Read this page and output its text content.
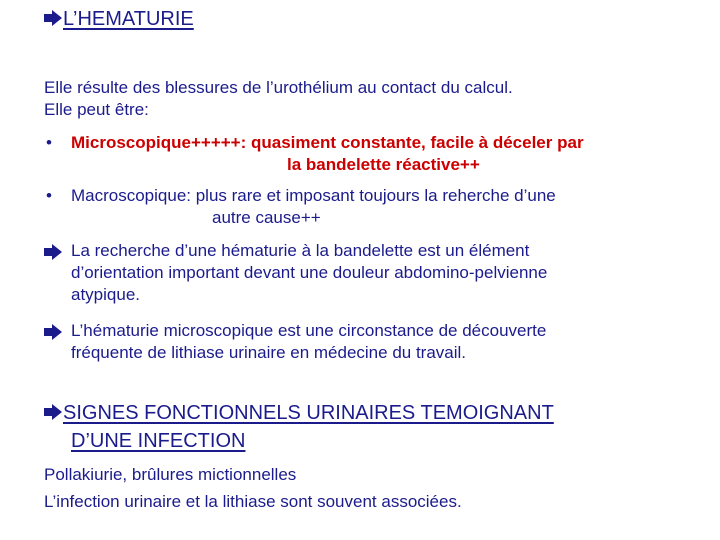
L’HEMATURIE
Elle résulte des blessures de l’urothélium au contact du calcul.
Elle peut être:
• Microscopique+++++: quasiment constante, facile à déceler par
la bandelette réactive++
• Macroscopique: plus rare et imposant toujours la reherche d’une
autre cause++
La recherche d’une hématurie à la bandelette est un élément
d’orientation important devant une douleur abdomino-pelvienne
atypique.
L’hématurie microscopique est une circonstance de découverte
fréquente de lithiase urinaire en médecine du travail.
SIGNES FONCTIONNELS URINAIRES TEMOIGNANT
D’UNE INFECTION
Pollakiurie, brûlures mictionnelles
L’infection urinaire et la lithiase sont souvent associées.
